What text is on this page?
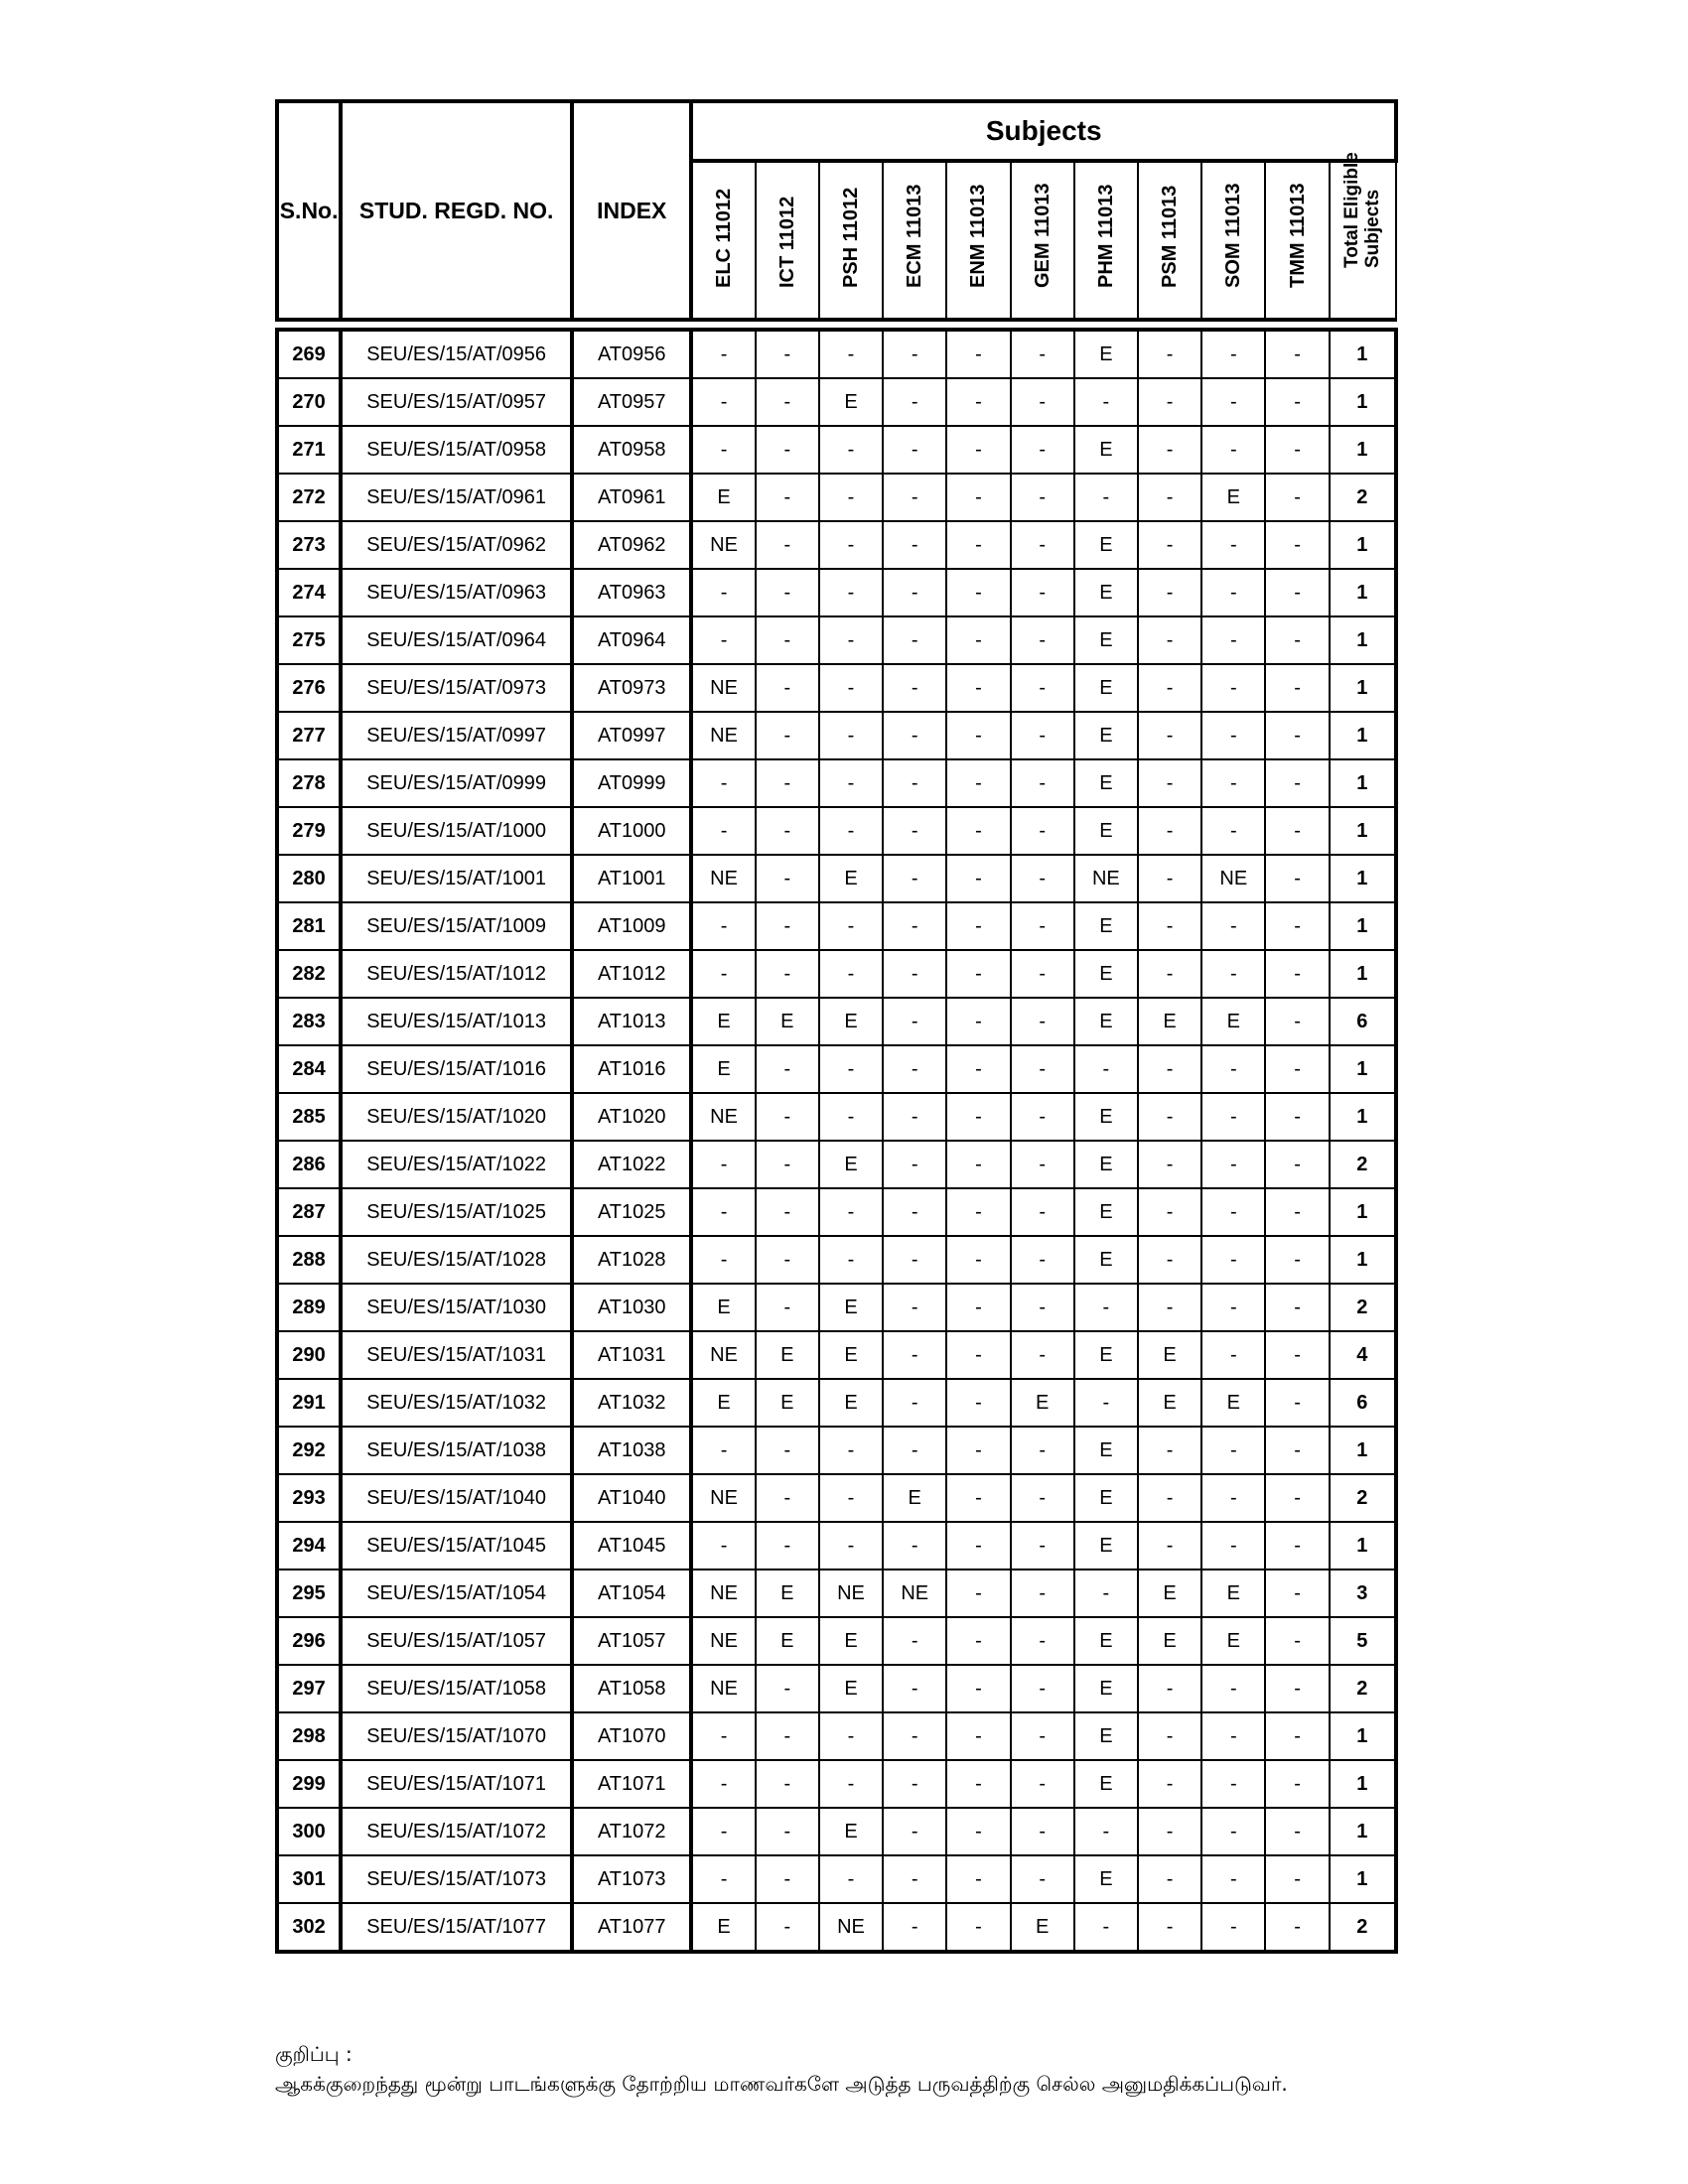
S.No.	STUD. REGD. NO.	INDEX	Subjects										

			ELC 11012	ICT 11012	PSH 11012	ECM 11013	ENM 11013	GEM 11013	PHM 11013	PSM 11013	SOM 11013	TMM 11013	Total Eligible Subjects

269	SEU/ES/15/AT/0956	AT0956	-	-	-	-	-	-	E	-	-	-	1
270	SEU/ES/15/AT/0957	AT0957	-	-	E	-	-	-	-	-	-	-	1
271	SEU/ES/15/AT/0958	AT0958	-	-	-	-	-	-	E	-	-	-	1
272	SEU/ES/15/AT/0961	AT0961	E	-	-	-	-	-	-	-	E	-	2
273	SEU/ES/15/AT/0962	AT0962	NE	-	-	-	-	-	E	-	-	-	1
274	SEU/ES/15/AT/0963	AT0963	-	-	-	-	-	-	E	-	-	-	1
275	SEU/ES/15/AT/0964	AT0964	-	-	-	-	-	-	E	-	-	-	1
276	SEU/ES/15/AT/0973	AT0973	NE	-	-	-	-	-	E	-	-	-	1
277	SEU/ES/15/AT/0997	AT0997	NE	-	-	-	-	-	E	-	-	-	1
278	SEU/ES/15/AT/0999	AT0999	-	-	-	-	-	-	E	-	-	-	1
279	SEU/ES/15/AT/1000	AT1000	-	-	-	-	-	-	E	-	-	-	1
280	SEU/ES/15/AT/1001	AT1001	NE	-	E	-	-	-	NE	-	NE	-	1
281	SEU/ES/15/AT/1009	AT1009	-	-	-	-	-	-	E	-	-	-	1
282	SEU/ES/15/AT/1012	AT1012	-	-	-	-	-	-	E	-	-	-	1
283	SEU/ES/15/AT/1013	AT1013	E	E	E	-	-	-	E	E	E	-	6
284	SEU/ES/15/AT/1016	AT1016	E	-	-	-	-	-	-	-	-	-	1
285	SEU/ES/15/AT/1020	AT1020	NE	-	-	-	-	-	E	-	-	-	1
286	SEU/ES/15/AT/1022	AT1022	-	-	E	-	-	-	E	-	-	-	2
287	SEU/ES/15/AT/1025	AT1025	-	-	-	-	-	-	E	-	-	-	1
288	SEU/ES/15/AT/1028	AT1028	-	-	-	-	-	-	E	-	-	-	1
289	SEU/ES/15/AT/1030	AT1030	E	-	E	-	-	-	-	-	-	-	2
290	SEU/ES/15/AT/1031	AT1031	NE	E	E	-	-	-	E	E	-	-	4
291	SEU/ES/15/AT/1032	AT1032	E	E	E	-	-	E	-	E	E	-	6
292	SEU/ES/15/AT/1038	AT1038	-	-	-	-	-	-	E	-	-	-	1
293	SEU/ES/15/AT/1040	AT1040	NE	-	-	E	-	-	E	-	-	-	2
294	SEU/ES/15/AT/1045	AT1045	-	-	-	-	-	-	E	-	-	-	1
295	SEU/ES/15/AT/1054	AT1054	NE	E	NE	NE	-	-	-	E	E	-	3
296	SEU/ES/15/AT/1057	AT1057	NE	E	E	-	-	-	E	E	E	-	5
297	SEU/ES/15/AT/1058	AT1058	NE	-	E	-	-	-	E	-	-	-	2
298	SEU/ES/15/AT/1070	AT1070	-	-	-	-	-	-	E	-	-	-	1
299	SEU/ES/15/AT/1071	AT1071	-	-	-	-	-	-	E	-	-	-	1
300	SEU/ES/15/AT/1072	AT1072	-	-	E	-	-	-	-	-	-	-	1
301	SEU/ES/15/AT/1073	AT1073	-	-	-	-	-	-	E	-	-	-	1
302	SEU/ES/15/AT/1077	AT1077	E	-	NE	-	-	E	-	-	-	-	2
குறிப்பு :
ஆகக்குறைந்தது மூன்று பாடங்களுக்கு தோற்றிய மாணவர்களே அடுத்த பருவத்திற்கு செல்ல அனுமதிக்கப்படுவர்.
